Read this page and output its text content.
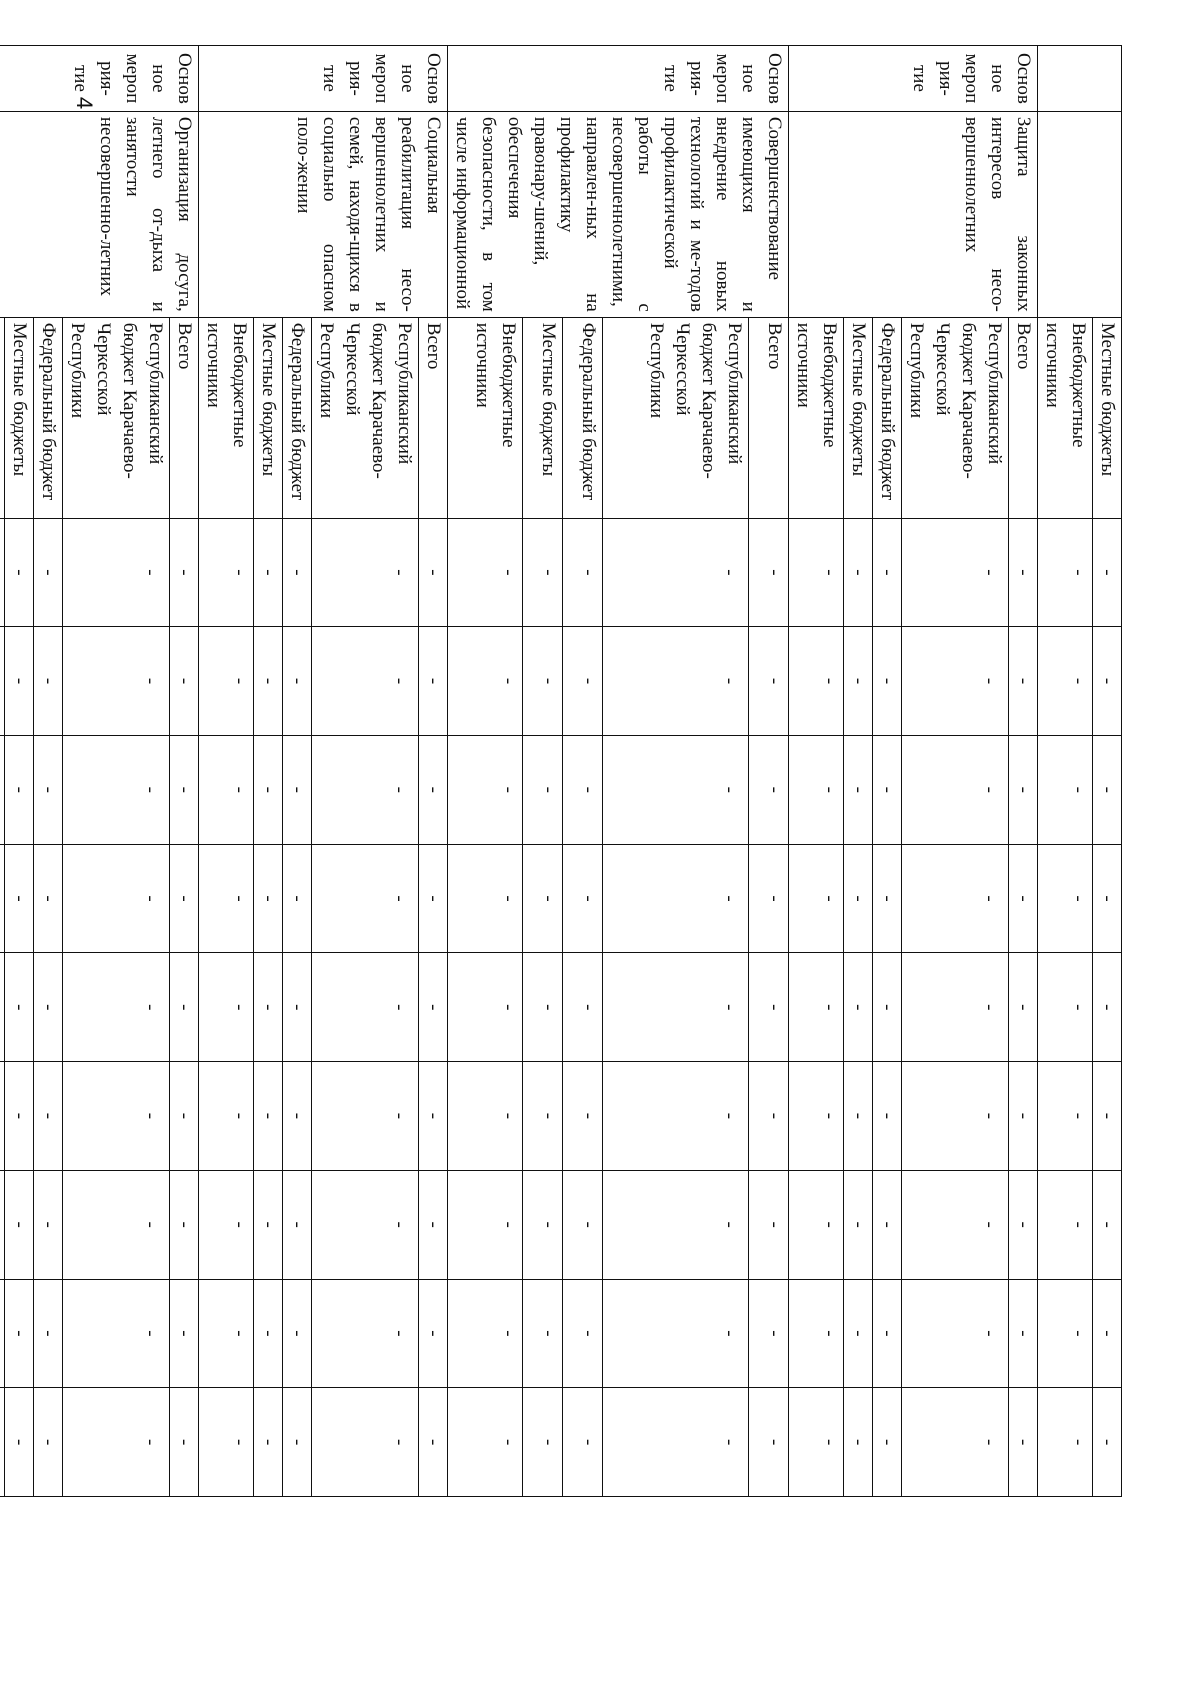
4
		Местные бюджеты	-	-	-	-	-	-	-	-	-
		Внебюджетные источники	-	-	-	-	-	-	-	-	-
Основное мероприя-тие	Защита законных интересов несо-вершеннолетних	Всего	-	-	-	-	-	-	-	-	-
		Республиканский бюджет Карачаево-Черкесской Республики	-	-	-	-	-	-	-	-	-
		Федеральный бюджет	-	-	-	-	-	-	-	-	-
		Местные бюджеты	-	-	-	-	-	-	-	-	-
		Внебюджетные источники	-	-	-	-	-	-	-	-	-
Основное мероприя-тие	Совершенствование имеющихся и внедрение новых технологий и ме-тодов профилактической работы с несовершеннолетними, направлен-ных на профилактику правонару-шений, обеспечения безопасности, в том числе информационной	Всего	-	-	-	-	-	-	-	-	-
		Республиканский бюджет Карачаево-Черкесской Республики	-	-	-	-	-	-	-	-	-
		Федеральный бюджет	-	-	-	-	-	-	-	-	-
		Местные бюджеты	-	-	-	-	-	-	-	-	-
		Внебюджетные источники	-	-	-	-	-	-	-	-	-
Основное мероприя-тие	Социальная реабилитация несо-вершеннолетних и семей, находя-щихся в социально опасном поло-жении	Всего	-	-	-	-	-	-	-	-	-
		Республиканский бюджет Карачаево-Черкесской Республики	-	-	-	-	-	-	-	-	-
		Федеральный бюджет	-	-	-	-	-	-	-	-	-
		Местные бюджеты	-	-	-	-	-	-	-	-	-
		Внебюджетные источники	-	-	-	-	-	-	-	-	-
Основное мероприя-тие	Организация досуга, летнего от-дыха и занятости несовершенно-летних	Всего	-	-	-	-	-	-	-	-	-
		Республиканский бюджет Карачаево-Черкесской Республики	-	-	-	-	-	-	-	-	-
		Федеральный бюджет	-	-	-	-	-	-	-	-	-
		Местные бюджеты	-	-	-	-	-	-	-	-	-
